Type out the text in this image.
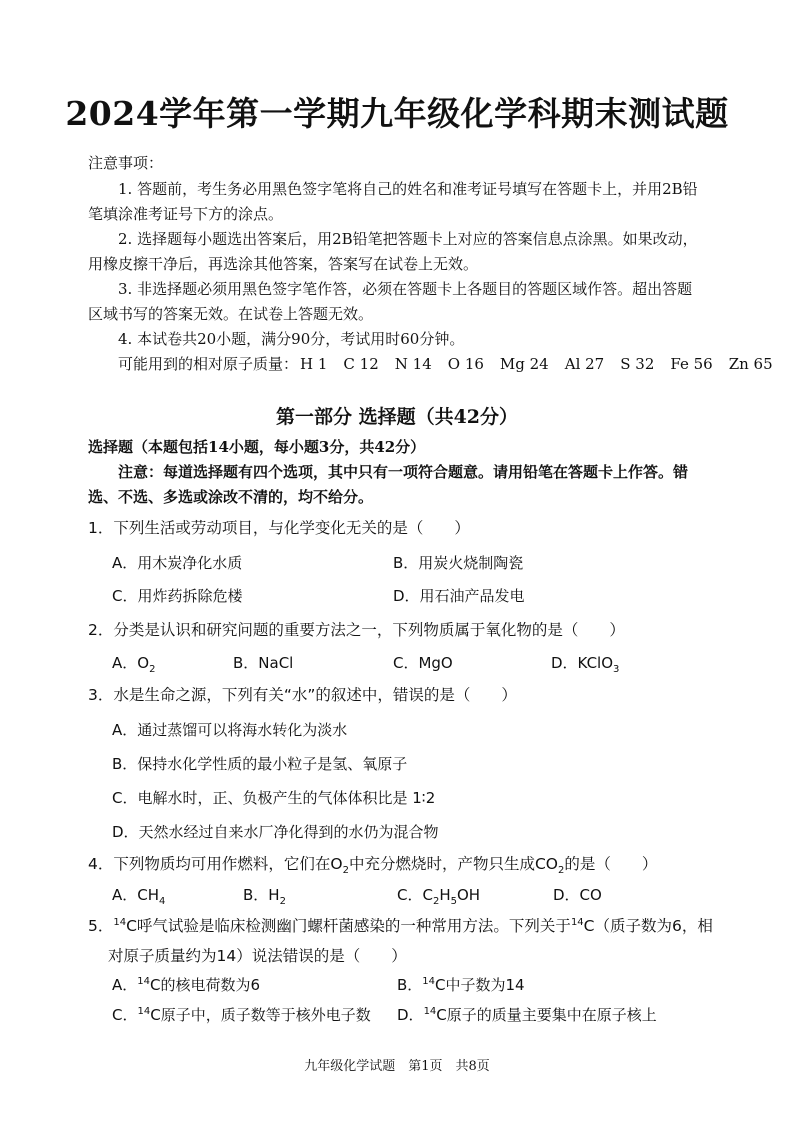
2024学年第一学期九年级化学科期末测试题
注意事项：
1. 答题前，考生务必用黑色签字笔将自己的姓名和准考证号填写在答题卡上，并用2B铅
笔填涂准考证号下方的涂点。
2. 选择题每小题选出答案后，用2B铅笔把答题卡上对应的答案信息点涂黑。如果改动，
用橡皮擦干净后，再选涂其他答案，答案写在试卷上无效。
3. 非选择题必须用黑色签字笔作答，必须在答题卡上各题目的答题区域作答。超出答题
区域书写的答案无效。在试卷上答题无效。
4. 本试卷共20小题，满分90分，考试用时60分钟。
可能用到的相对原子质量： H 1 C 12 N 14 O 16 Mg 24 Al 27 S 32 Fe 56 Zn 65
第一部分 选择题（共42分）
选择题（本题包括14小题，每小题3分，共42分）
注意：每道选择题有四个选项，其中只有一项符合题意。请用铅笔在答题卡上作答。错
选、不选、多选或涂改不清的，均不给分。
1．下列生活或劳动项目，与化学变化无关的是（　　）
A．用木炭净化水质	B．用炭火烧制陶瓷
C．用炸药拆除危楼	D．用石油产品发电
2．分类是认识和研究问题的重要方法之一，下列物质属于氧化物的是（　　）
A．$O_2$	B．NaCl	C．MgO	D．KClO$_3$
3．水是生命之源，下列有关“水”的叙述中，错误的是（　　）
A．通过蒸馏可以将海水转化为淡水
B．保持水化学性质的最小粒子是氢、氧原子
C．电解水时，正、负极产生的气体体积比是 1∶2
D．天然水经过自来水厂净化得到的水仍为混合物
4．下列物质均可用作燃料，它们在$O_2$中充分燃烧时，产物只生成$CO_2$的是（　　）
A．$CH_4$	B．$H_2$	C．$C_2H_5OH$	D．CO
5．$^{14}$C呼气试验是临床检测幽门螺杆菌感染的一种常用方法。下列关于$^{14}$C（质子数为6，相
对原子质量约为14）说法错误的是（　　）
A．$^{14}$C的核电荷数为6	B．$^{14}$C中子数为14
C．$^{14}$C原子中，质子数等于核外电子数 D．$^{14}$C原子的质量主要集中在原子核上
九年级化学试题　第1页　共8页
